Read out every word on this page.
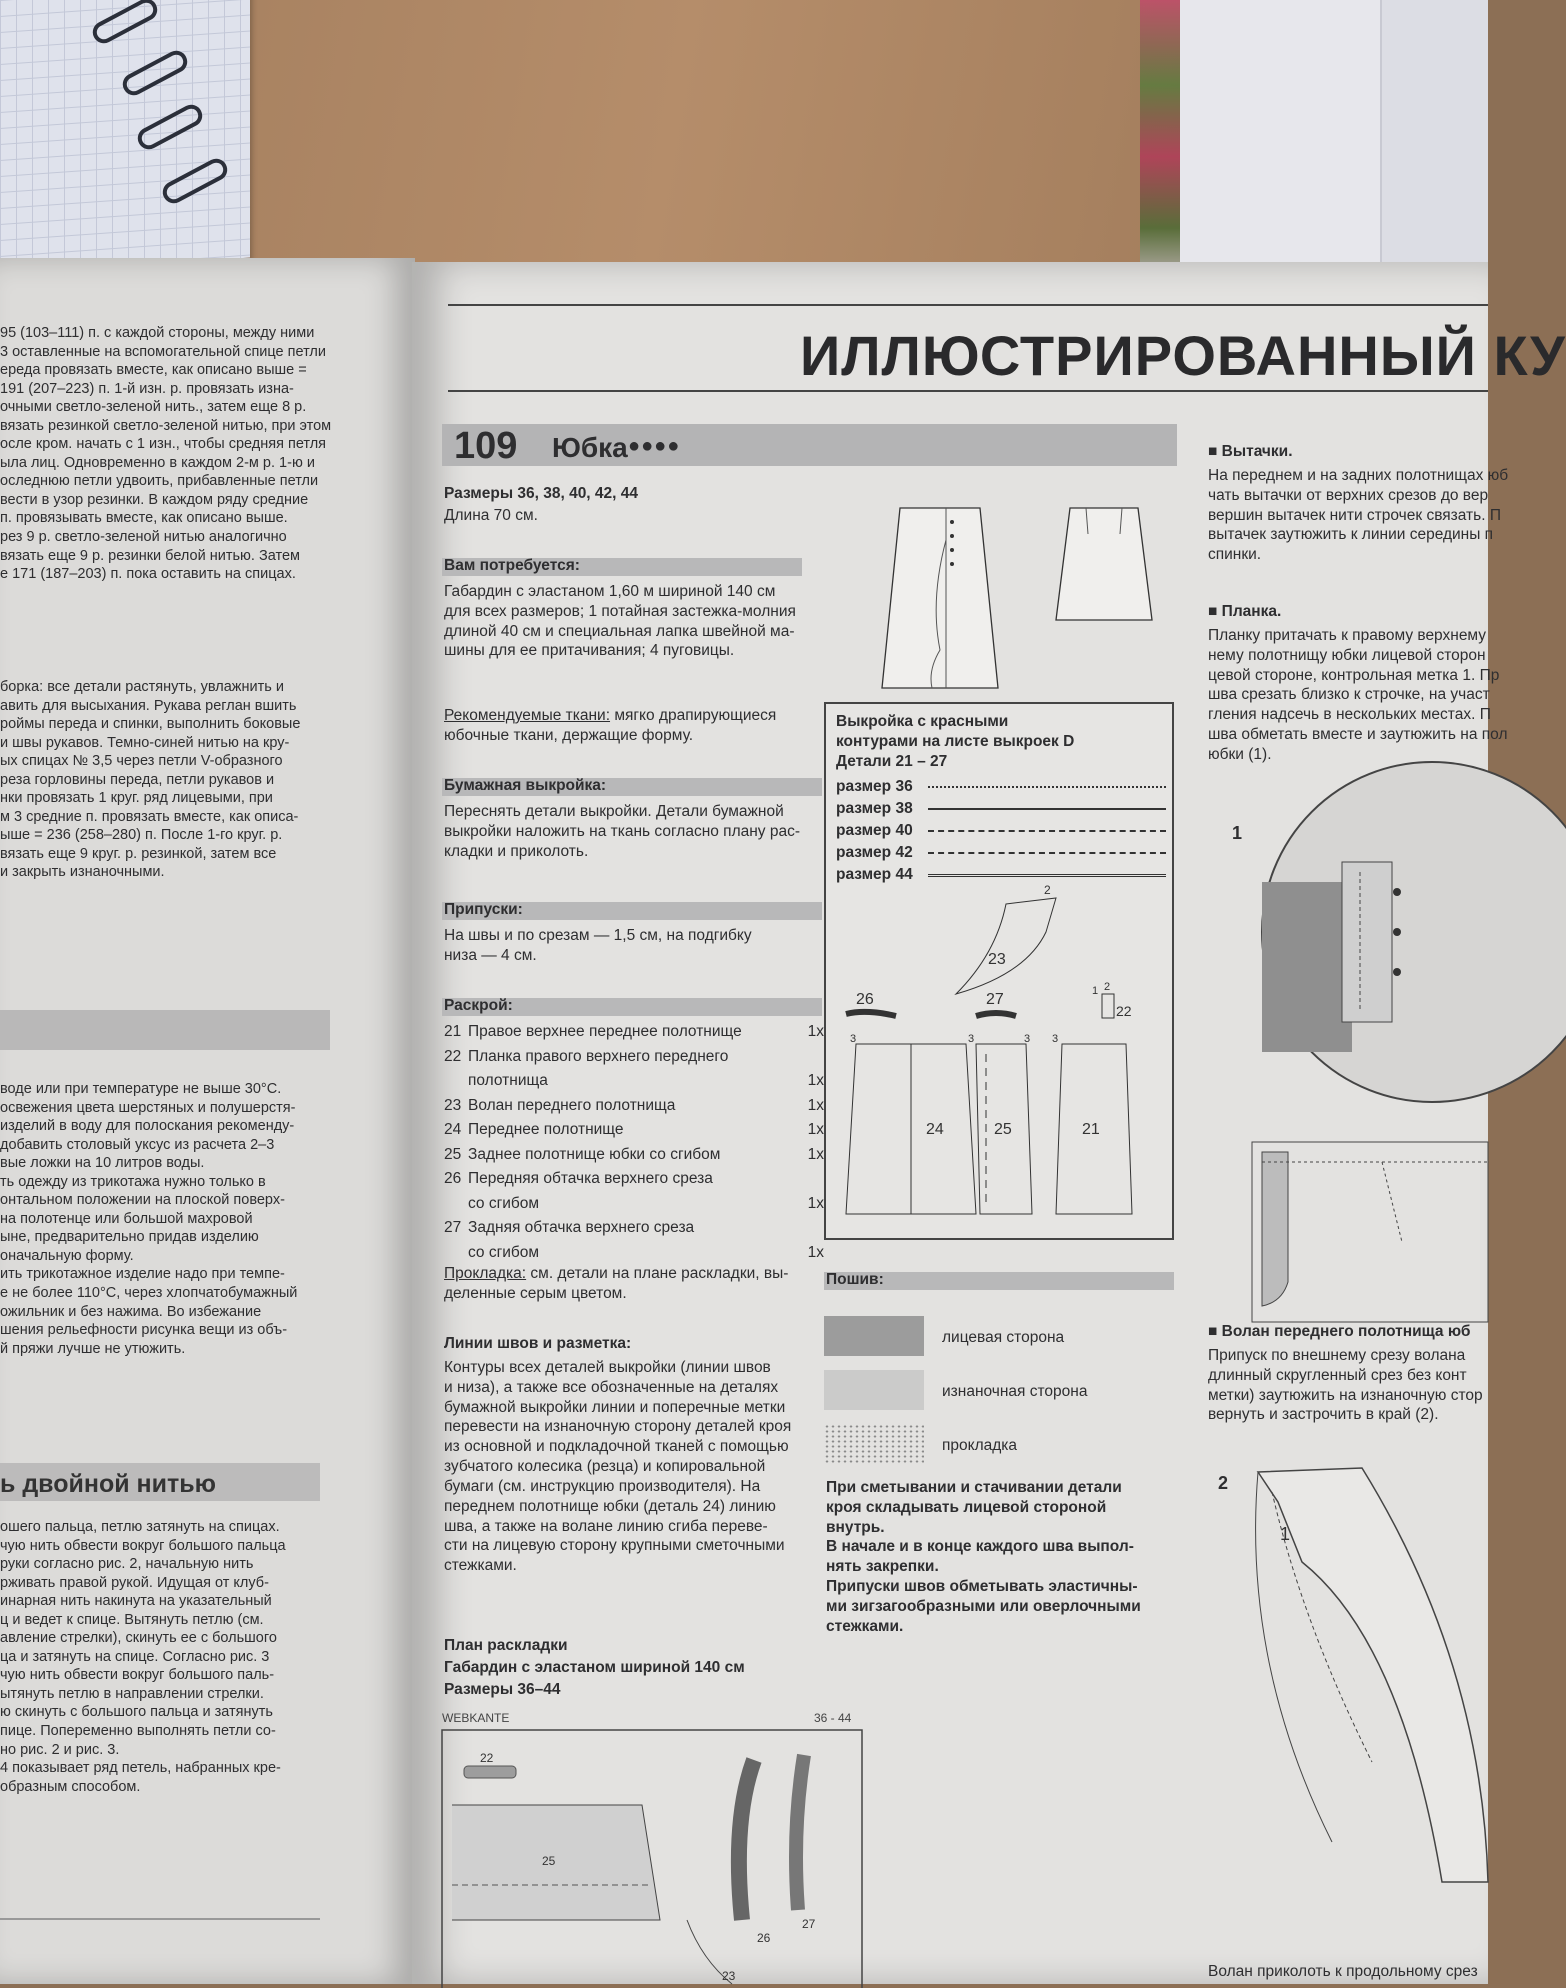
95 (103–111) п. с каждой стороны, между ними
3 оставленные на вспомогательной спице петли
ереда провязать вместе, как описано выше =
191 (207–223) п. 1-й изн. р. провязать изна-
очными светло-зеленой нить., затем еще 8 р.
вязать резинкой светло-зеленой нитью, при этом
осле кром. начать с 1 изн., чтобы средняя петля
ыла лиц. Одновременно в каждом 2-м р. 1-ю и
оследнюю петли удвоить, прибавленные петли
вести в узор резинки. В каждом ряду средние
п. провязывать вместе, как описано выше.
рез 9 р. светло-зеленой нитью аналогично
вязать еще 9 р. резинки белой нитью. Затем
е 171 (187–203) п. пока оставить на спицах.
борка: все детали растянуть, увлажнить и
авить для высыхания. Рукава реглан вшить
роймы переда и спинки, выполнить боковые
и швы рукавов. Темно-синей нитью на кру-
ых спицах № 3,5 через петли V-образного
реза горловины переда, петли рукавов и
нки провязать 1 круг. ряд лицевыми, при
м 3 средние п. провязать вместе, как описа-
ыше = 236 (258–280) п. После 1-го круг. р.
вязать еще 9 круг. р. резинкой, затем все
и закрыть изнаночными.
воде или при температуре не выше 30°С.
освежения цвета шерстяных и полушерстя-
изделий в воду для полоскания рекоменду-
добавить столовый уксус из расчета 2–3
вые ложки на 10 литров воды.
ть одежду из трикотажа нужно только в
онтальном положении на плоской поверх-
на полотенце или большой махровой
ыне, предварительно придав изделию
оначальную форму.
ить трикотажное изделие надо при темпе-
е не более 110°С, через хлопчатобумажный
ожильник и без нажима. Во избежание
шения рельефности рисунка вещи из объ-
й пряжи лучше не утюжить.
ь двойной нитью
ошего пальца, петлю затянуть на спицах.
чую нить обвести вокруг большого пальца
руки согласно рис. 2, начальную нить
рживать правой рукой. Идущая от клуб-
инарная нить накинута на указательный
ц и ведет к спице. Вытянуть петлю (см.
авление стрелки), скинуть ее с большого
ца и затянуть на спице. Согласно рис. 3
чую нить обвести вокруг большого паль-
ытянуть петлю в направлении стрелки.
ю скинуть с большого пальца и затянуть
пице. Попеременно выполнять петли со-
но рис. 2 и рис. 3.
4 показывает ряд петель, набранных кре-
образным способом.
ИЛЛЮСТРИРОВАННЫЙ КУ
109 Юбка ●●●●
Размеры 36, 38, 40, 42, 44
Длина 70 см.
Вам потребуется:
Габардин с эластаном 1,60 м шириной 140 см
для всех размеров; 1 потайная застежка-молния
длиной 40 см и специальная лапка швейной ма-
шины для ее притачивания; 4 пуговицы.
Рекомендуемые ткани: мягко драпирующиеся
юбочные ткани, держащие форму.
Бумажная выкройка:
Переснять детали выкройки. Детали бумажной
выкройки наложить на ткань согласно плану рас-
кладки и приколоть.
Припуски:
На швы и по срезам — 1,5 см, на подгибку
низа — 4 см.
Раскрой:
21 Правое верхнее переднее полотнище	1x
22 Планка правого верхнего переднего
полотнища	1x
23 Волан переднего полотнища	1x
24 Переднее полотнище	1x
25 Заднее полотнище юбки со сгибом	1x
26 Передняя обтачка верхнего среза
со сгибом	1x
27 Задняя обтачка верхнего среза
со сгибом	1x
Прокладка: см. детали на плане раскладки, вы-
деленные серым цветом.
Линии швов и разметка:
Контуры всех деталей выкройки (линии швов
и низа), а также все обозначенные на деталях
бумажной выкройки линии и поперечные метки
перевести на изнаночную сторону деталей кроя
из основной и подкладочной тканей с помощью
зубчатого колесика (резца) и копировальной
бумаги (см. инструкцию производителя). На
переднем полотнище юбки (деталь 24) линию
шва, а также на волане линию сгиба переве-
сти на лицевую сторону крупными сметочными
стежками.
План раскладки
Габардин с эластаном шириной 140 см
Размеры 36–44
WEBKANTE	36 - 44
22
25
26
27
23
Выкройка с красными
контурами на листе выкроек D
Детали 21 – 27
размер 36
размер 38
размер 40
размер 42
размер 44
2
23
26	27	1 2
22
3	3
24	25
3 3
21
Пошив:
лицевая сторона
изнаночная сторона
прокладка
При сметывании и стачивании детали
кроя складывать лицевой стороной
внутрь.
В начале и в конце каждого шва выпол-
нять закрепки.
Припуски швов обметывать эластичны-
ми зигзагообразными или оверлочными
стежками.
■ Вытачки.
На переднем и на задних полотнищах юб
чать вытачки от верхних срезов до вер
вершин вытачек нити строчек связать. П
вытачек заутюжить к линии середины п
спинки.
■ Планка.
Планку притачать к правому верхнему
нему полотнищу юбки лицевой сторон
цевой стороне, контрольная метка 1. Пр
шва срезать близко к строчке, на участ
гления надсечь в нескольких местах. П
шва обметать вместе и заутюжить на пол
юбки (1).
1
■ Волан переднего полотнища юб
Припуск по внешнему срезу волана
длинный скругленный срез без конт
метки) заутюжить на изнаночную стор
вернуть и застрочить в край (2).
2
1
Волан приколоть к продольному срез
